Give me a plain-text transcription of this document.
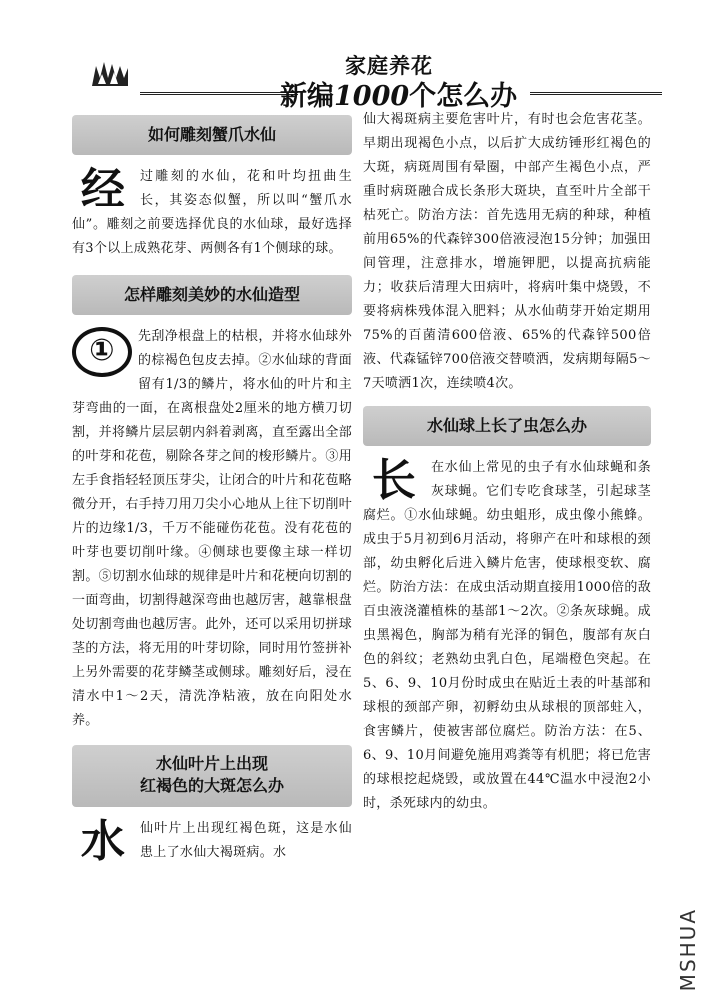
家庭养花
新编1000个怎么办
如何雕刻蟹爪水仙

经	过雕刻的水仙，花和叶均扭曲生长，其姿态似蟹，所以叫“蟹爪水仙”。雕刻之前要选择优良的水仙球，最好选择有3个以上成熟花芽、两侧各有1个侧球的球。

怎样雕刻美妙的水仙造型

①	先刮净根盘上的枯根，并将水仙球外的棕褐色包皮去掉。②水仙球的背面留有1/3的鳞片，将水仙的叶片和主芽弯曲的一面，在离根盘处2厘米的地方横刀切割，并将鳞片层层朝内斜着剥离，直至露出全部的叶芽和花苞，剔除各芽之间的梭形鳞片。③用左手食指轻轻顶压芽尖，让闭合的叶片和花苞略微分开，右手持刀用刀尖小心地从上往下切削叶片的边缘1/3，千万不能碰伤花苞。没有花苞的叶芽也要切削叶缘。④侧球也要像主球一样切割。⑤切割水仙球的规律是叶片和花梗向切割的一面弯曲，切割得越深弯曲也越厉害，越靠根盘处切割弯曲也越厉害。此外，还可以采用切拼球茎的方法，将无用的叶芽切除，同时用竹签拼补上另外需要的花芽鳞茎或侧球。雕刻好后，浸在清水中1～2天，清洗净粘液，放在向阳处水养。

水仙叶片上出现
红褐色的大斑怎么办

水	仙叶片上出现红褐色斑，这是水仙患上了水仙大褐斑病。水

仙大褐斑病主要危害叶片，有时也会危害花茎。早期出现褐色小点，以后扩大成纺锤形红褐色的大斑，病斑周围有晕圈，中部产生褐色小点，严重时病斑融合成长条形大斑块，直至叶片全部干枯死亡。防治方法：首先选用无病的种球，种植前用65%的代森锌300倍液浸泡15分钟；加强田间管理，注意排水，增施钾肥，以提高抗病能力；收获后清理大田病叶，将病叶集中烧毁，不要将病株残体混入肥料；从水仙萌芽开始定期用75%的百菌清600倍液、65%的代森锌500倍液、代森锰锌700倍液交替喷洒，发病期每隔5～7天喷洒1次，连续喷4次。

水仙球上长了虫怎么办

长	在水仙上常见的虫子有水仙球蝇和条灰球蝇。它们专吃食球茎，引起球茎腐烂。①水仙球蝇。幼虫蛆形，成虫像小熊蜂。成虫于5月初到6月活动，将卵产在叶和球根的颈部，幼虫孵化后进入鳞片危害，使球根变软、腐烂。防治方法：在成虫活动期直接用1000倍的敌百虫液浇灌植株的基部1～2次。②条灰球蝇。成虫黑褐色，胸部为稍有光泽的铜色，腹部有灰白色的斜纹；老熟幼虫乳白色，尾端橙色突起。在5、6、9、10月份时成虫在贴近土表的叶基部和球根的颈部产卵，初孵幼虫从球根的顶部蛀入，食害鳞片，使被害部位腐烂。防治方法：在5、6、9、10月间避免施用鸡粪等有机肥；将已危害的球根挖起烧毁，或放置在44℃温水中浸泡2小时，杀死球内的幼虫。

MSHUA
